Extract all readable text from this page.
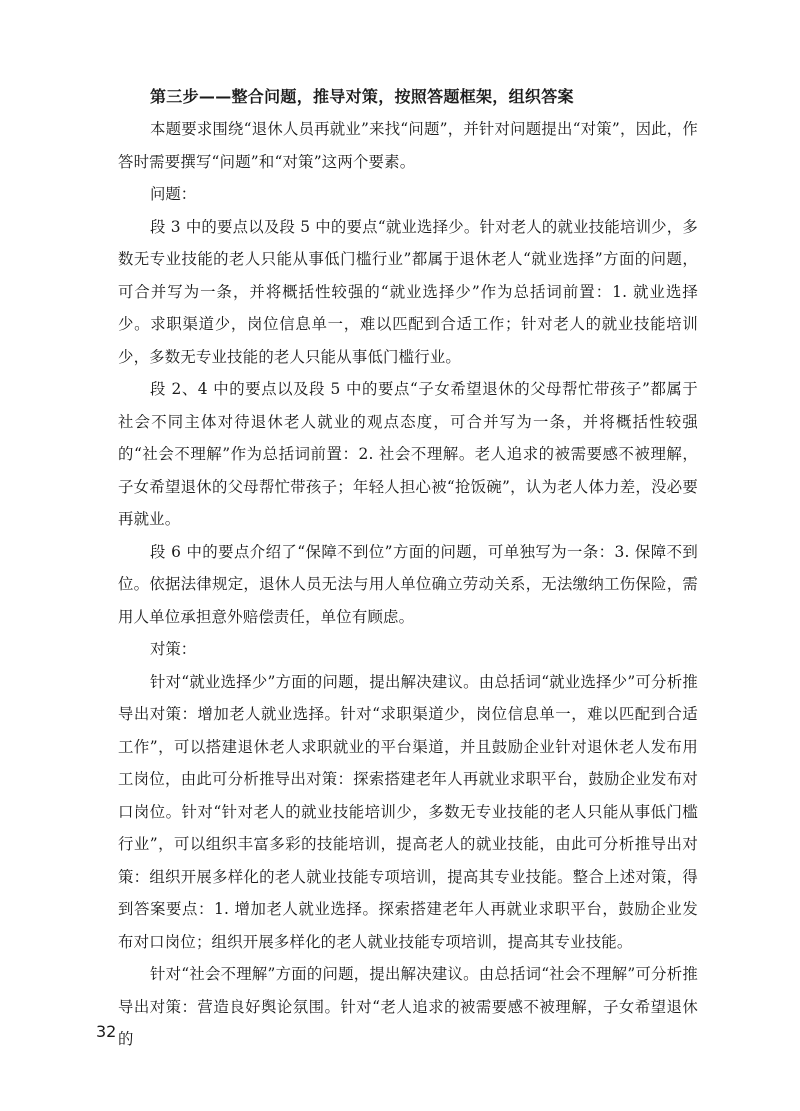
第三步——整合问题，推导对策，按照答题框架，组织答案

本题要求围绕“退休人员再就业”来找“问题”，并针对问题提出“对策”，因此，作答时需要撰写“问题”和“对策”这两个要素。

问题：

段 3 中的要点以及段 5 中的要点“就业选择少。针对老人的就业技能培训少，多数无专业技能的老人只能从事低门槛行业”都属于退休老人“就业选择”方面的问题，可合并写为一条，并将概括性较强的“就业选择少”作为总括词前置：1. 就业选择少。求职渠道少，岗位信息单一，难以匹配到合适工作；针对老人的就业技能培训少，多数无专业技能的老人只能从事低门槛行业。

段 2、4 中的要点以及段 5 中的要点“子女希望退休的父母帮忙带孩子”都属于社会不同主体对待退休老人就业的观点态度，可合并写为一条，并将概括性较强的“社会不理解”作为总括词前置：2. 社会不理解。老人追求的被需要感不被理解，子女希望退休的父母帮忙带孩子；年轻人担心被“抢饭碗”，认为老人体力差，没必要再就业。

段 6 中的要点介绍了“保障不到位”方面的问题，可单独写为一条：3. 保障不到位。依据法律规定，退休人员无法与用人单位确立劳动关系，无法缴纳工伤保险，需用人单位承担意外赔偿责任，单位有顾虑。

对策：

针对“就业选择少”方面的问题，提出解决建议。由总括词“就业选择少”可分析推导出对策：增加老人就业选择。针对“求职渠道少，岗位信息单一，难以匹配到合适工作”，可以搭建退休老人求职就业的平台渠道，并且鼓励企业针对退休老人发布用工岗位，由此可分析推导出对策：探索搭建老年人再就业求职平台，鼓励企业发布对口岗位。针对“针对老人的就业技能培训少，多数无专业技能的老人只能从事低门槛行业”，可以组织丰富多彩的技能培训，提高老人的就业技能，由此可分析推导出对策：组织开展多样化的老人就业技能专项培训，提高其专业技能。整合上述对策，得到答案要点：1. 增加老人就业选择。探索搭建老年人再就业求职平台，鼓励企业发布对口岗位；组织开展多样化的老人就业技能专项培训，提高其专业技能。

针对“社会不理解”方面的问题，提出解决建议。由总括词“社会不理解”可分析推导出对策：营造良好舆论氛围。针对“老人追求的被需要感不被理解，子女希望退休的

32
